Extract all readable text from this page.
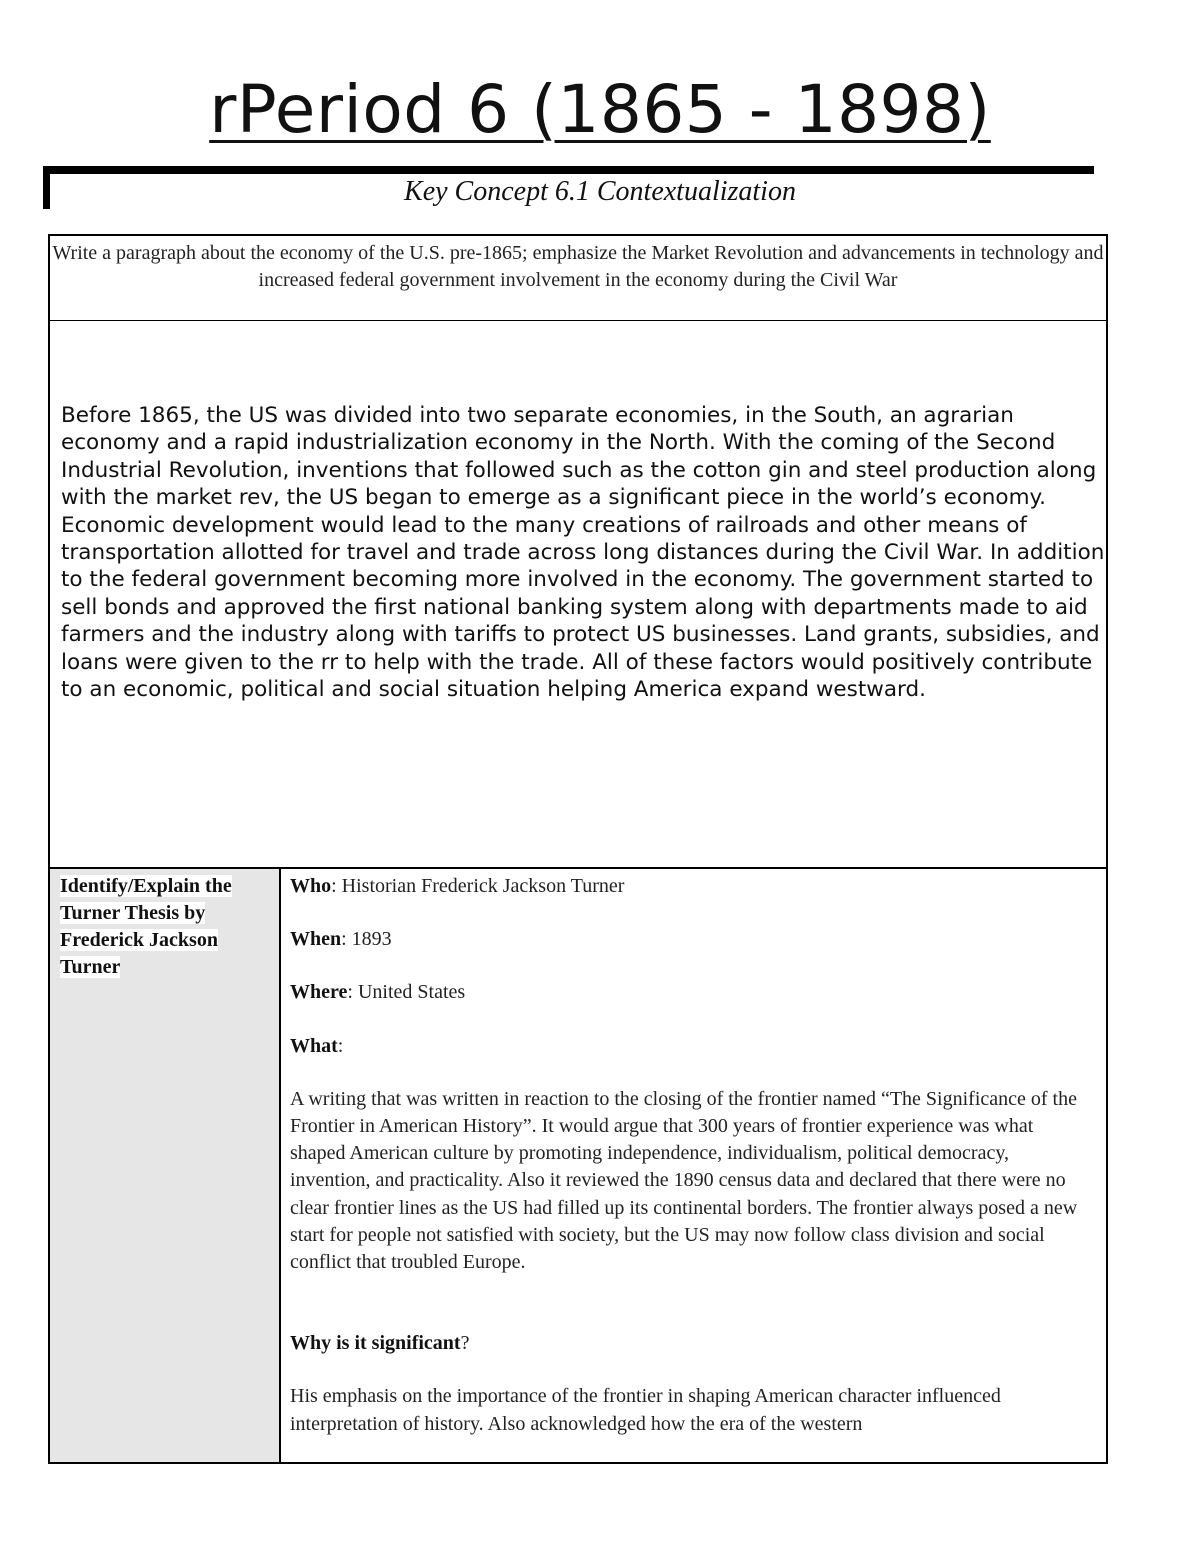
rPeriod 6 (1865 - 1898)
Key Concept 6.1 Contextualization
Write a paragraph about the economy of the U.S. pre-1865; emphasize the Market Revolution and advancements in technology and increased federal government involvement in the economy during the Civil War
Before 1865, the US was divided into two separate economies, in the South, an agrarian economy and a rapid industrialization economy in the North. With the coming of the Second Industrial Revolution, inventions that followed such as the cotton gin and steel production along with the market rev, the US began to emerge as a significant piece in the world’s economy. Economic development would lead to the many creations of railroads and other means of transportation allotted for travel and trade across long distances during the Civil War. In addition to the federal government becoming more involved in the economy. The government started to sell bonds and approved the first national banking system along with departments made to aid farmers and the industry along with tariffs to protect US businesses. Land grants, subsidies, and loans were given to the rr to help with the trade. All of these factors would positively contribute to an economic, political and social situation helping America expand westward.
Identify/Explain the Turner Thesis by Frederick Jackson Turner

Who: Historian Frederick Jackson Turner

When: 1893

Where: United States

What:

A writing that was written in reaction to the closing of the frontier named “The Significance of the Frontier in American History”. It would argue that 300 years of frontier experience was what shaped American culture by promoting independence, individualism, political democracy, invention, and practicality. Also it reviewed the 1890 census data and declared that there were no clear frontier lines as the US had filled up its continental borders. The frontier always posed a new start for people not satisfied with society, but the US may now follow class division and social conflict that troubled Europe.

Why is it significant?

His emphasis on the importance of the frontier in shaping American character influenced interpretation of history. Also acknowledged how the era of the western
